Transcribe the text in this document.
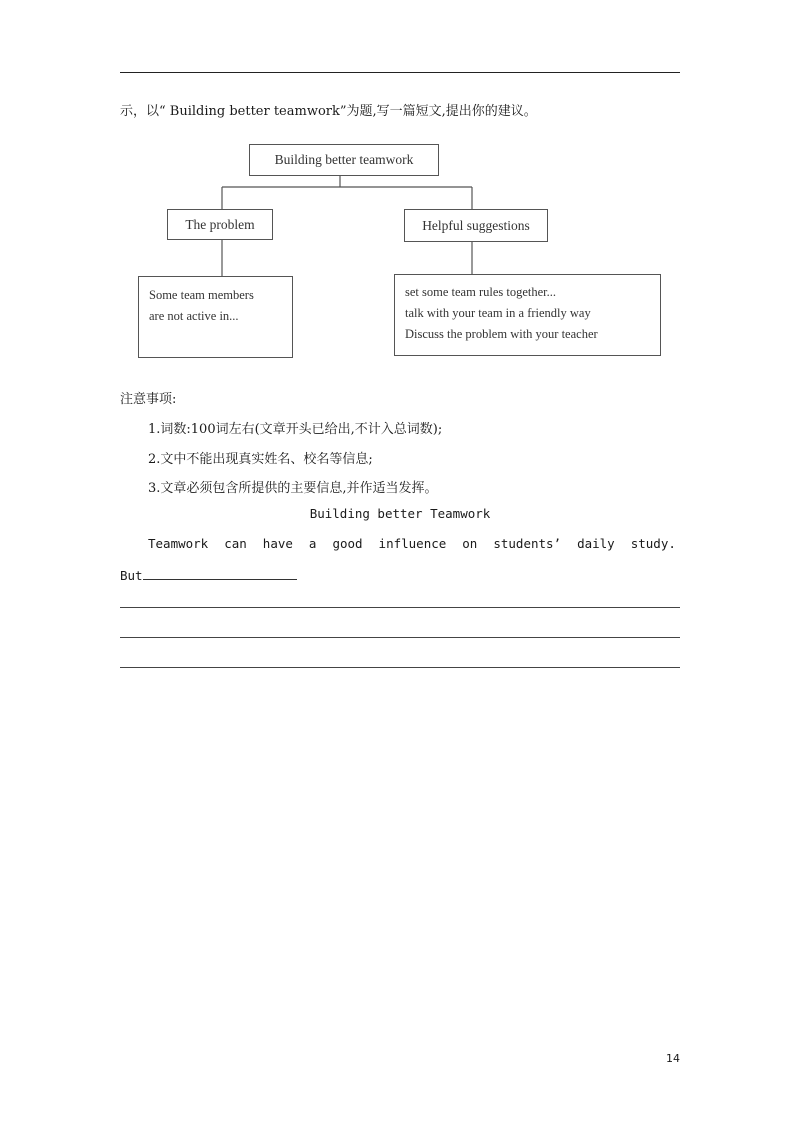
示，以“ Building better teamwork”为题,写一篇短文,提出你的建议。
Building better teamwork
The problem	Helpful suggestions
Some team members
are not active in...
set some team rules together...
talk with your team in a friendly way
Discuss the problem with your teacher
注意事项:
1.词数:100词左右(文章开头已给出,不计入总词数);
2.文中不能出现真实姓名、校名等信息;
3.文章必须包含所提供的主要信息,并作适当发挥。
Building better Teamwork
Teamwork can have a good influence on students’ daily study.
But
14
